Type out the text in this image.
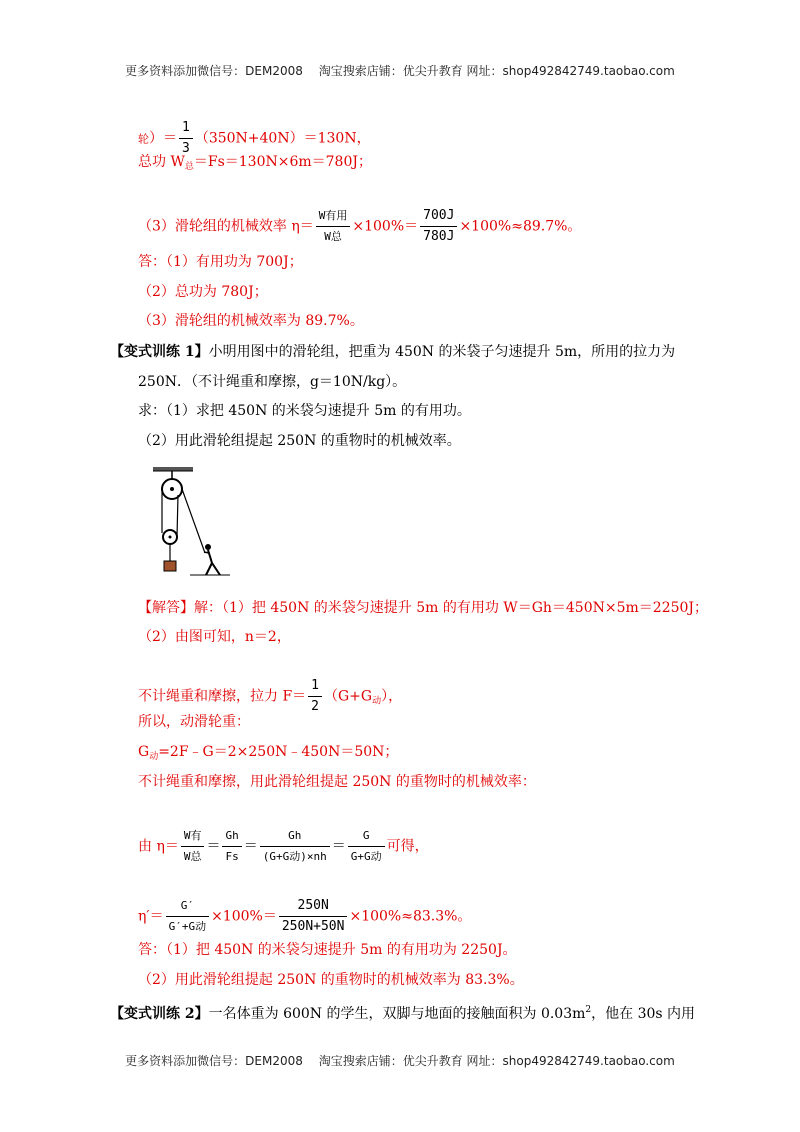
更多资料添加微信号：DEM2008　 淘宝搜索店铺：优尖升教育 网址：shop492842749.taobao.com
轮）＝ $\frac{1}{3} (350N+40N)=130N$，
总功 $W_总=Fs=130N\times 6m=780J$；
（3）滑轮组的机械效率 $\eta= \frac{\text{W有用}}{\text{W总}} \times 100\%= \frac{700J}{780J} \times 100\%\approx 89.7\%$。
答：（1）有用功为 700J；
（2）总功为 780J；
（3）滑轮组的机械效率为 89.7%。
【变式训练 1】小明用图中的滑轮组，把重为 450N 的米袋子匀速提升 5m，所用的拉力为
250N．（不计绳重和摩擦，g＝10N/kg）。
求：（1）求把 450N 的米袋匀速提升 5m 的有用功。
（2）用此滑轮组提起 250N 的重物时的机械效率。
【解答】解：（1）把 450N 的米袋匀速提升 5m 的有用功 W＝Gh＝450N×5m＝2250J；
（2）由图可知，n＝2，
不计绳重和摩擦，拉力 $F= \frac{1}{2} (G+G_动)$，
所以，动滑轮重：
$G_动=2F﹣G=2\times 250N﹣450N=50N$；
不计绳重和摩擦，用此滑轮组提起 250N 的重物时的机械效率：
由 $\eta= \frac{\text{W有}}{\text{W总}} = \frac{Gh}{Fs} = \frac{Gh}{\text{(G+G动)×nh}} = \frac{G}{\text{G+G动}}$ 可得，
$\eta'= \frac{G'}{\text{G′+G动}} \times 100\%= \frac{250N}{250N+50N} \times 100\%\approx 83.3\%$。
答：（1）把 450N 的米袋匀速提升 5m 的有用功为 2250J。
（2）用此滑轮组提起 250N 的重物时的机械效率为 83.3%。
【变式训练 2】一名体重为 600N 的学生，双脚与地面的接触面积为 $0.03m^2$，他在 30s 内用
更多资料添加微信号：DEM2008　 淘宝搜索店铺：优尖升教育 网址：shop492842749.taobao.com
